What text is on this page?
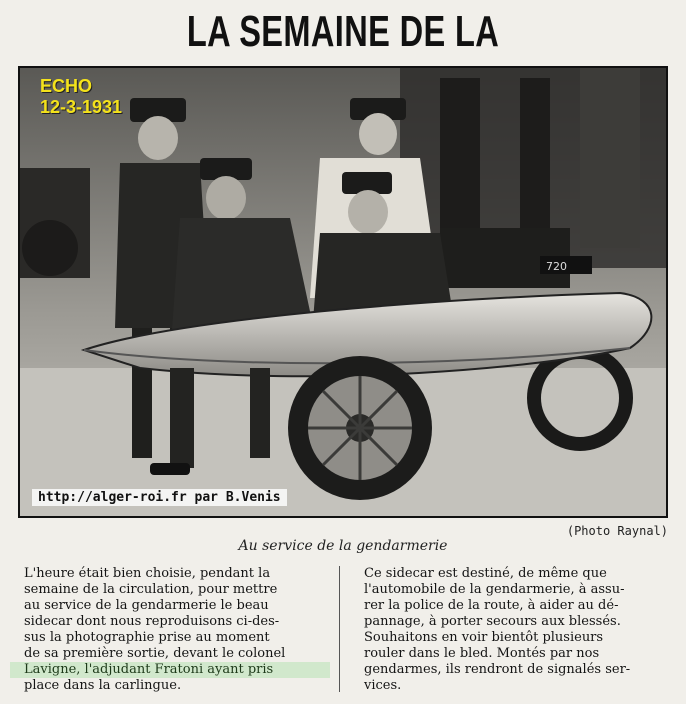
LA SEMAINE DE LA
720
ECHO
12-3-1931
http://alger-roi.fr par B.Venis
(Photo Raynal)
Au service de la gendarmerie

L'heure était bien choisie, pendant la
semaine de la circulation, pour mettre
au service de la gendarmerie le beau
sidecar dont nous reproduisons ci-des-
sus la photographie prise au moment
de sa première sortie, devant le colonel
Lavigne, l'adjudant Fratoni ayant pris
place dans la carlingue.

Ce sidecar est destiné, de même que
l'automobile de la gendarmerie, à assu-
rer la police de la route, à aider au dé-
pannage, à porter secours aux blessés.

Souhaitons en voir bientôt plusieurs
rouler dans le bled. Montés par nos
gendarmes, ils rendront de signalés ser-
vices.
